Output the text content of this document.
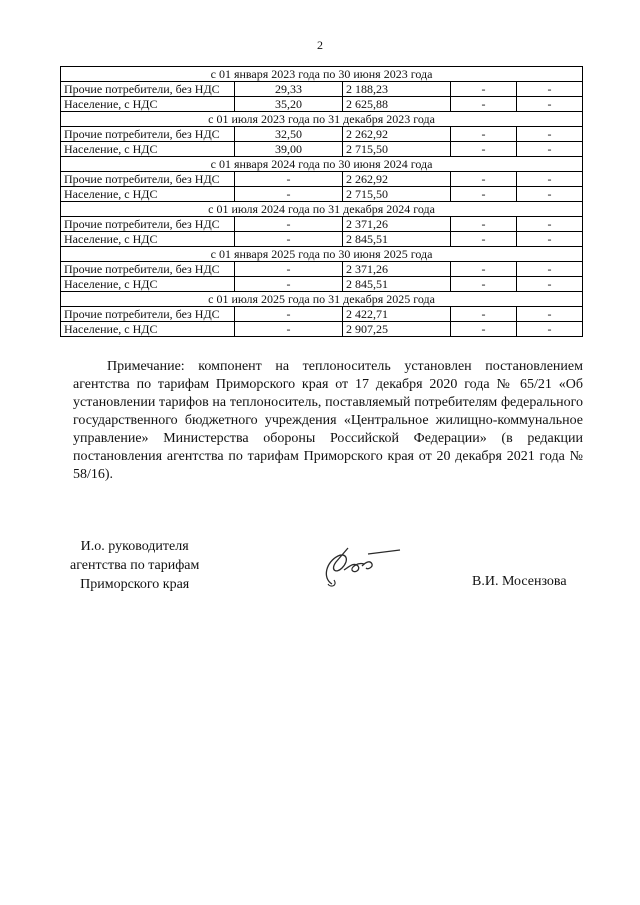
2
с 01 января 2023 года по 30 июня 2023 года				
Прочие потребители, без НДС	29,33	2 188,23	-	-
Население, с НДС	35,20	2 625,88	-	-
с 01 июля 2023 года по 31 декабря 2023 года				
Прочие потребители, без НДС	32,50	2 262,92	-	-
Население, с НДС	39,00	2 715,50	-	-
с 01 января 2024 года по 30 июня 2024 года				
Прочие потребители, без НДС	-	2 262,92	-	-
Население, с НДС	-	2 715,50	-	-
с 01 июля 2024 года по 31 декабря 2024 года				
Прочие потребители, без НДС	-	2 371,26	-	-
Население, с НДС	-	2 845,51	-	-
с 01 января 2025 года по 30 июня 2025 года				
Прочие потребители, без НДС	-	2 371,26	-	-
Население, с НДС	-	2 845,51	-	-
с 01 июля 2025 года по 31 декабря 2025 года				
Прочие потребители, без НДС	-	2 422,71	-	-
Население, с НДС	-	2 907,25	-	-
Примечание: компонент на теплоноситель установлен постановлением агентства по тарифам Приморского края от 17 декабря 2020 года № 65/21 «Об установлении тарифов на теплоноситель, поставляемый потребителям федерального государственного бюджетного учреждения «Центральное жилищно-коммунальное управление» Министерства обороны Российской Федерации» (в редакции постановления агентства по тарифам Приморского края от 20 декабря 2021 года № 58/16).
И.о. руководителя
агентства по тарифам
Приморского края	В.И. Мосензова
